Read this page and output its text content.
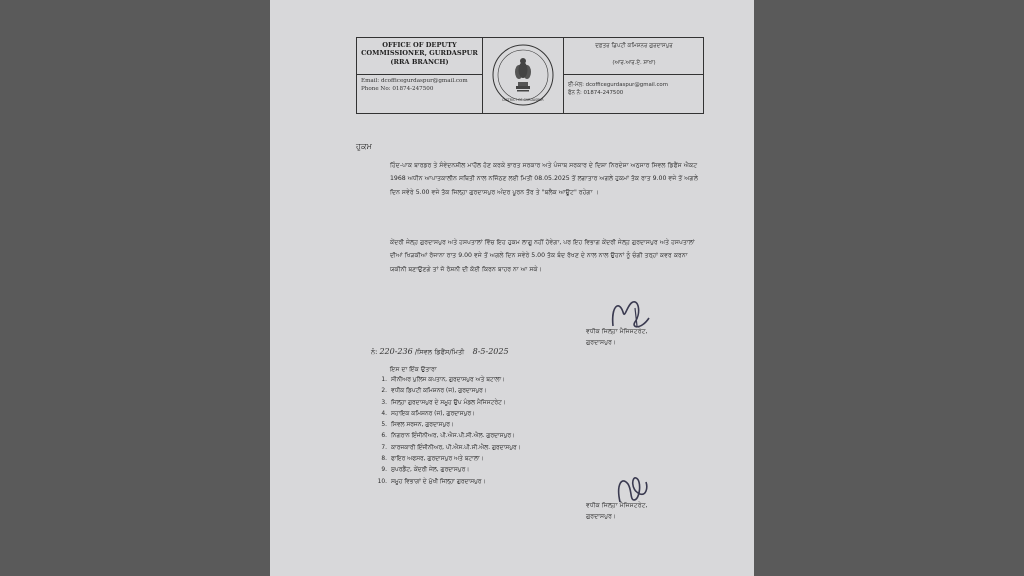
OFFICE OF DEPUTY
COMMISSIONER, GURDASPUR
(RRA BRANCH)
Email: dcofficegurdaspur@gmail.com
Phone No: 01874-247500
DISTRICT OF GURDASPUR
ਦਫ਼ਤਰ ਡਿਪਟੀ ਕਮਿਸ਼ਨਰ ਗੁਰਦਾਸਪੁਰ
(ਆਰ.ਆਰ.ਏ. ਸ਼ਾਖਾ)
ਈ-ਮੇਲ: dcofficegurdaspur@gmail.com
ਫੋਨ ਨੰ: 01874-247500
ਹੁਕਮ
ਹਿੰਦ-ਪਾਕ ਬਾਰਡਰ ਤੇ ਸੰਵੇਦਨਸ਼ੀਲ ਮਾਹੌਲ ਹੋਣ ਕਰਕੇ ਭਾਰਤ ਸਰਕਾਰ ਅਤੇ ਪੰਜਾਬ ਸਰਕਾਰ ਦੇ ਦਿਸ਼ਾ ਨਿਰਦੇਸ਼ਾ ਅਨੁਸਾਰ ਸਿਵਲ ਡਿਫੈਂਸ ਐਕਟ 1968 ਅਧੀਨ ਆਪਾਤਕਾਲੀਨ ਸਥਿਤੀ ਨਾਲ ਨਜਿੱਠਣ ਲਈ ਮਿਤੀ 08.05.2025 ਤੋਂ ਲਗਾਤਾਰ ਅਗਲੇ ਹੁਕਮਾਂ ਤੱਕ ਰਾਤ 9.00 ਵਜੇ ਤੋਂ ਅਗਲੇ ਦਿਨ ਸਵੇਰੇ 5.00 ਵਜੇ ਤੱਕ ਜਿਲ੍ਹਾ ਗੁਰਦਾਸਪੁਰ ਅੰਦਰ ਪੂਰਨ ਤੌਰ ਤੇ "ਬਲੈਕ ਆਊਟ" ਰਹੇਗਾ ।
ਕੇਂਦਰੀ ਜੇਲ੍ਹ ਗੁਰਦਾਸਪੁਰ ਅਤੇ ਹਸਪਤਾਲਾਂ ਵਿੱਚ ਇਹ ਹੁਕਮ ਲਾਗੂ ਨਹੀਂ ਹੋਵੇਗਾ, ਪਰ ਇਹ ਵਿਭਾਗ ਕੇਂਦਰੀ ਜੇਲ੍ਹ ਗੁਰਦਾਸਪੁਰ ਅਤੇ ਹਸਪਤਾਲਾਂ ਦੀਆਂ ਖਿੜਕੀਆਂ ਰੋਜਾਨਾ ਰਾਤ 9.00 ਵਜੇ ਤੋਂ ਅਗਲੇ ਦਿਨ ਸਵੇਰੇ 5.00 ਤੱਕ ਬੰਦ ਰੱਖਣ ਦੇ ਨਾਲ ਨਾਲ ਉਹਨਾਂ ਨੂੰ ਚੰਗੀ ਤਰ੍ਹਾਂ ਕਵਰ ਕਰਨਾ ਯਕੀਨੀ ਬਣਾਉਣਗੇ ਤਾਂ ਜੋ ਰੋਸ਼ਨੀ ਦੀ ਕੋਈ ਕਿਰਨ ਬਾਹਰ ਨਾ ਆ ਸਕੇ।
ਵਧੀਕ ਜਿਲ੍ਹਾ ਮੈਜਿਸਟਰੇਟ,
ਗੁਰਦਾਸਪੁਰ।
ਨੰ: 220-236 /ਸਿਵਲ ਡਿਫੈਂਸ/ਮਿਤੀ 8-5-2025
ਇਸ ਦਾ ਇੱਕ ਉਤਾਰਾ
1. ਸੀਨੀਅਰ ਪੁਲਿਸ ਕਪਤਾਨ, ਗੁਰਦਾਸਪੁਰ ਅਤੇ ਬਟਾਲਾ।
2. ਵਧੀਕ ਡਿਪਟੀ ਕਮਿਸ਼ਨਰ (ਜ), ਗੁਰਦਾਸਪੁਰ।
3. ਜਿਲ੍ਹਾ ਗੁਰਦਾਸਪੁਰ ਦੇ ਸਮੂਹ ਉਪ ਮੰਡਲ ਮੈਜਿਸਟਰੇਟ।
4. ਸਹਾਇਕ ਕਮਿਸ਼ਨਰ (ਜ), ਗੁਰਦਾਸਪੁਰ।
5. ਸਿਵਲ ਸਰਜਨ, ਗੁਰਦਾਸਪੁਰ।
6. ਨਿਗਰਾਨ ਇੰਜੀਨੀਅਰ, ਪੀ.ਐਸ.ਪੀ.ਸੀ.ਐਲ. ਗੁਰਦਾਸਪੁਰ।
7. ਕਾਰਜਕਾਰੀ ਇੰਜੀਨੀਅਰ, ਪੀ.ਐਸ.ਪੀ.ਸੀ.ਐਲ. ਗੁਰਦਾਸਪੁਰ।
8. ਫਾਇਰ ਅਫਸਰ, ਗੁਰਦਾਸਪੁਰ ਅਤੇ ਬਟਾਲਾ।
9. ਸੁਪਰਡੈਂਟ, ਕੇਂਦਰੀ ਜੇਲ, ਗੁਰਦਾਸਪੁਰ।
10. ਸਮੂਹ ਵਿਭਾਗਾਂ ਦੇ ਮੁੱਖੀ ਜਿਲ੍ਹਾ ਗੁਰਦਾਸਪੁਰ।
ਵਧੀਕ ਜਿਲ੍ਹਾ ਮੈਜਿਸਟਰੇਟ,
ਗੁਰਦਾਸਪੁਰ।
